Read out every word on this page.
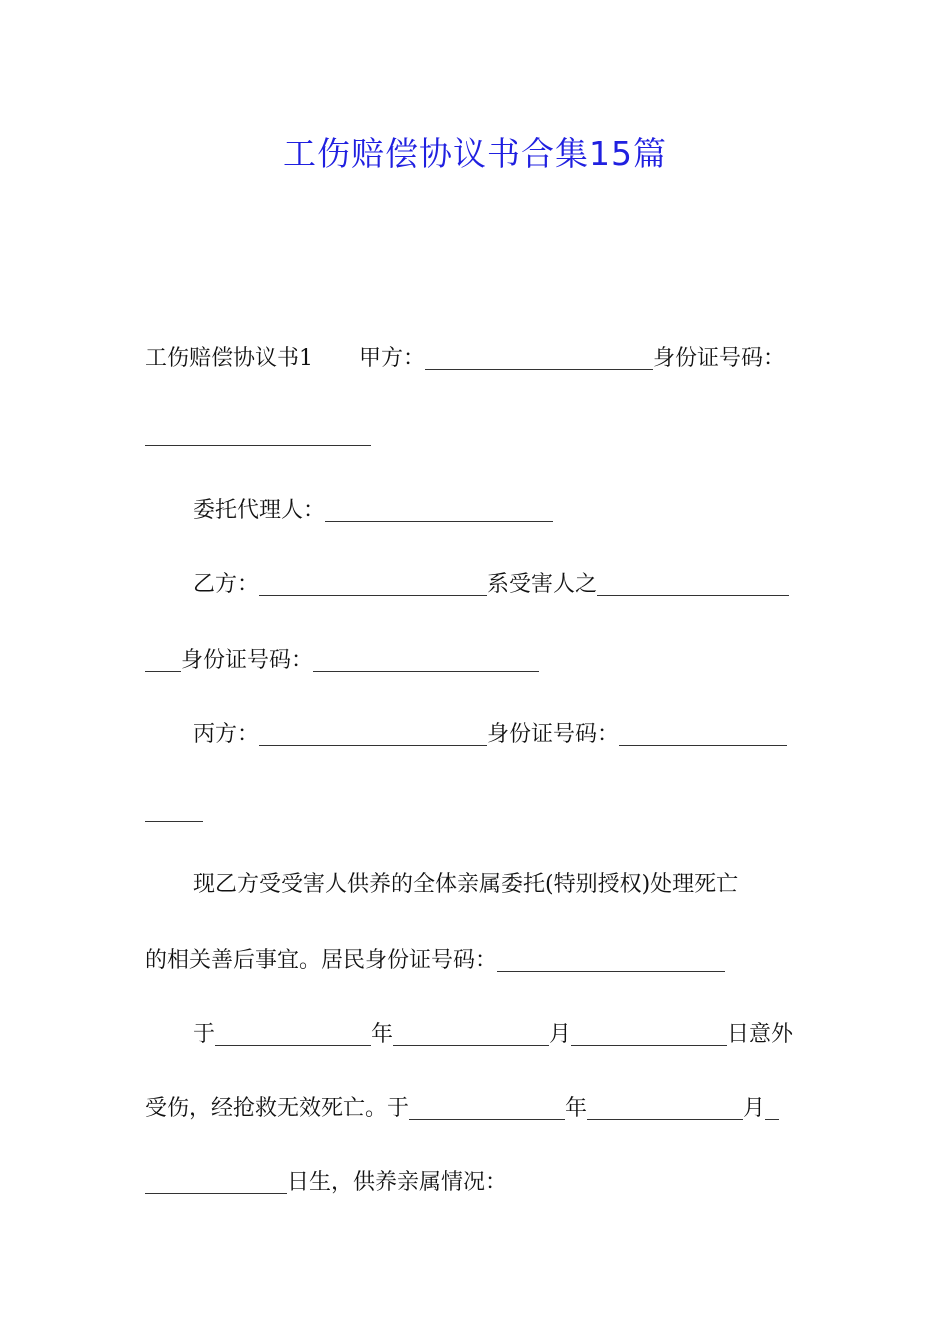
工伤赔偿协议书合集15篇
工伤赔偿协议书1 甲方：	身份证号码：
委托代理人：
乙方：	系受害人之
身份证号码：
丙方：	身份证号码：
现乙方受受害人供养的全体亲属委托(特别授权)处理死亡
的相关善后事宜。居民身份证号码：
于	年	月	日意外
受伤，经抢救无效死亡。于	年	月
日生，供养亲属情况：
